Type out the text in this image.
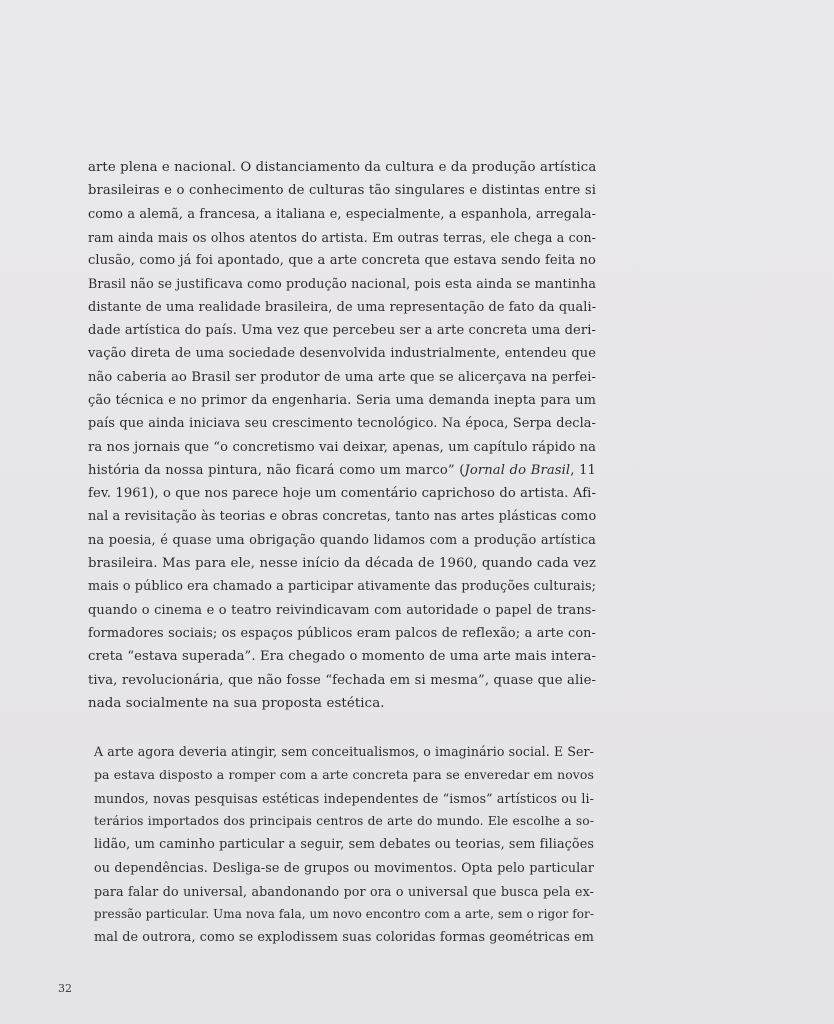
arte plena e nacional. O distanciamento da cultura e da produção artística
brasileiras e o conhecimento de culturas tão singulares e distintas entre si
como a alemã, a francesa, a italiana e, especialmente, a espanhola, arregala-
ram ainda mais os olhos atentos do artista. Em outras terras, ele chega a con-
clusão, como já foi apontado, que a arte concreta que estava sendo feita no
Brasil não se justificava como produção nacional, pois esta ainda se mantinha
distante de uma realidade brasileira, de uma representação de fato da quali-
dade artística do país. Uma vez que percebeu ser a arte concreta uma deri-
vação direta de uma sociedade desenvolvida industrialmente, entendeu que
não caberia ao Brasil ser produtor de uma arte que se alicerçava na perfei-
ção técnica e no primor da engenharia. Seria uma demanda inepta para um
país que ainda iniciava seu crescimento tecnológico. Na época, Serpa decla-
ra nos jornais que “o concretismo vai deixar, apenas, um capítulo rápido na
história da nossa pintura, não ficará como um marco” (Jornal do Brasil, 11
fev. 1961), o que nos parece hoje um comentário caprichoso do artista. Afi-
nal a revisitação às teorias e obras concretas, tanto nas artes plásticas como
na poesia, é quase uma obrigação quando lidamos com a produção artística
brasileira. Mas para ele, nesse início da década de 1960, quando cada vez
mais o público era chamado a participar ativamente das produções culturais;
quando o cinema e o teatro reivindicavam com autoridade o papel de trans-
formadores sociais; os espaços públicos eram palcos de reflexão; a arte con-
creta “estava superada”. Era chegado o momento de uma arte mais intera-
tiva, revolucionária, que não fosse “fechada em si mesma”, quase que alie-
nada socialmente na sua proposta estética.
A arte agora deveria atingir, sem conceitualismos, o imaginário social. E Ser-
pa estava disposto a romper com a arte concreta para se enveredar em novos
mundos, novas pesquisas estéticas independentes de “ismos” artísticos ou li-
terários importados dos principais centros de arte do mundo. Ele escolhe a so-
lidão, um caminho particular a seguir, sem debates ou teorias, sem filiações
ou dependências. Desliga-se de grupos ou movimentos. Opta pelo particular
para falar do universal, abandonando por ora o universal que busca pela ex-
pressão particular. Uma nova fala, um novo encontro com a arte, sem o rigor for-
mal de outrora, como se explodissem suas coloridas formas geométricas em
32
